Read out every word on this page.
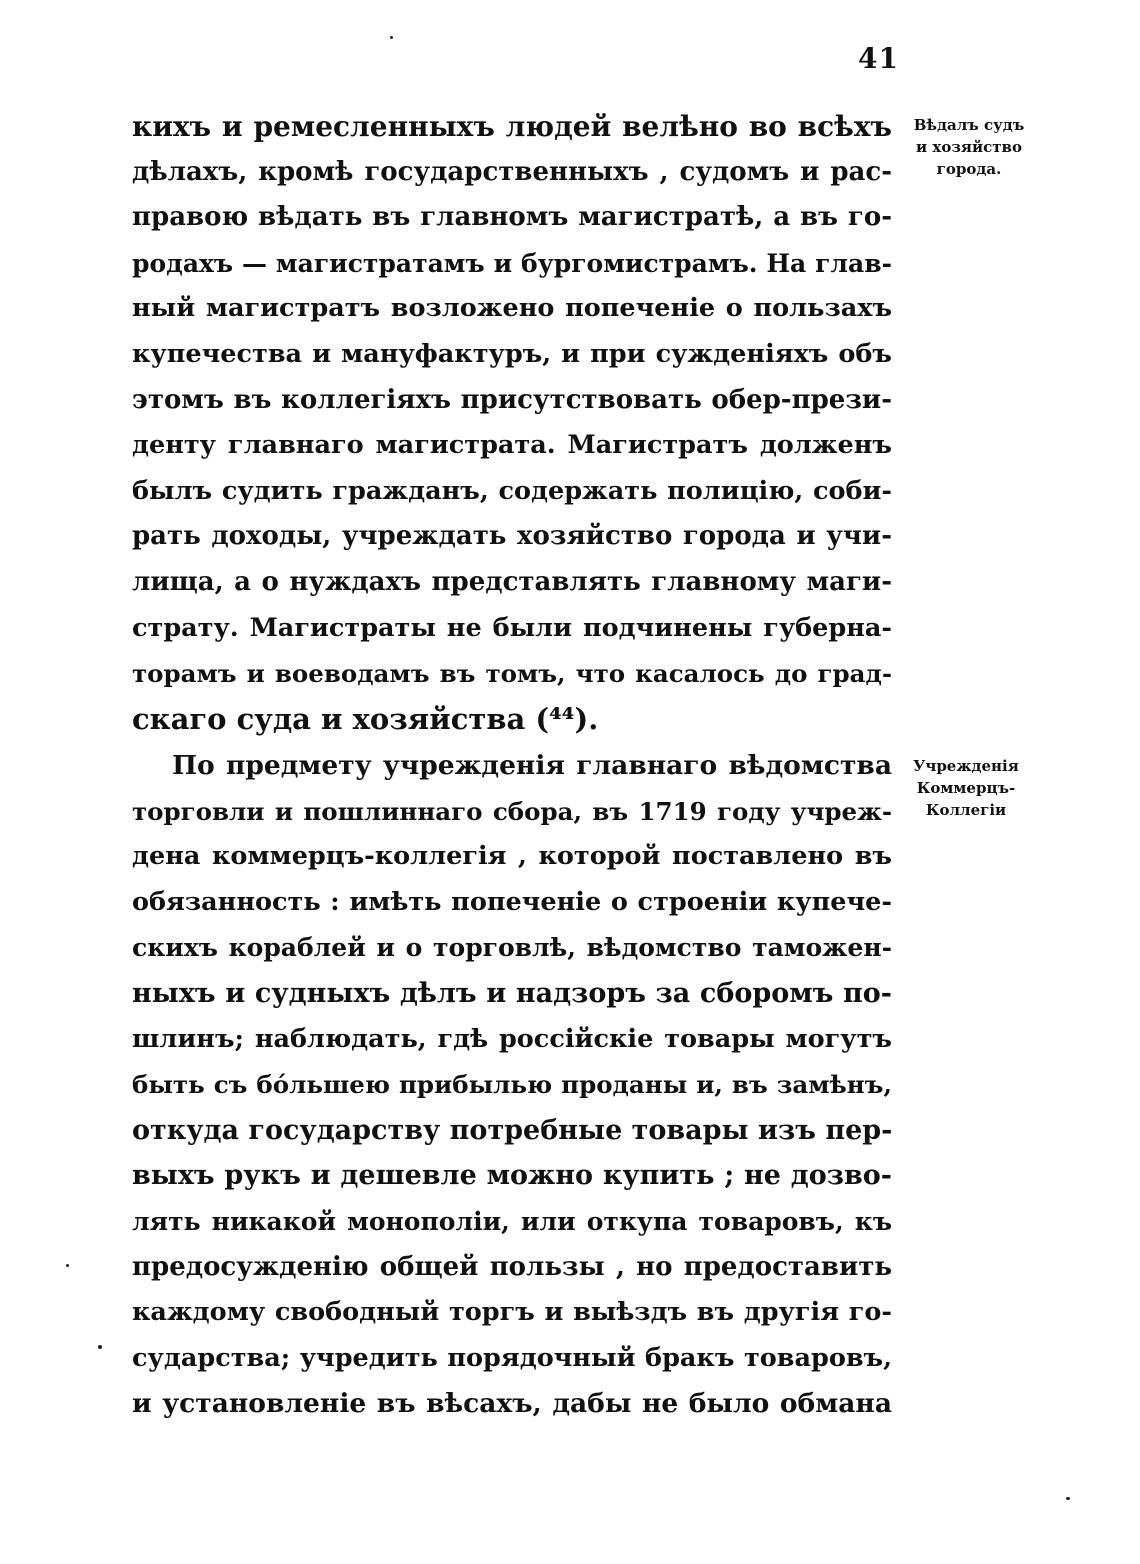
41
кихъ и ремесленныхъ людей велѣно во всѣхъ
дѣлахъ, кромѣ государственныхъ , судомъ и рас-
правою вѣдать въ главномъ магистратѣ, а въ го-
родахъ — магистратамъ и бургомистрамъ. На глав-
ный магистратъ возложено попеченіе о пользахъ
купечества и мануфактуръ, и при сужденіяхъ объ
этомъ въ коллегіяхъ присутствовать обер-прези-
денту главнаго магистрата. Магистратъ долженъ
былъ судить гражданъ, содержать полицію, соби-
рать доходы, учреждать хозяйство города и учи-
лища, а о нуждахъ представлять главному маги-
страту. Магистраты не были подчинены губерна-
торамъ и воеводамъ въ томъ, что касалось до град-
скаго суда и хозяйства (⁴⁴).
Вѣдалъ судъ
и хозяйство
города.
По предмету учрежденія главнаго вѣдомства
торговли и пошлиннаго сбора, въ 1719 году учреж-
дена коммерцъ-коллегія , которой поставлено въ
обязанность : имѣть попеченіе о строеніи купече-
скихъ кораблей и о торговлѣ, вѣдомство таможен-
ныхъ и судныхъ дѣлъ и надзоръ за сборомъ по-
шлинъ; наблюдать, гдѣ россійскіе товары могутъ
быть съ бóльшею прибылью проданы и, въ замѣнъ,
откуда государству потребные товары изъ пер-
выхъ рукъ и дешевле можно купить ; не дозво-
лять никакой монополіи, или откупа товаровъ, къ
предосужденію общей пользы , но предоставить
каждому свободный торгъ и выѣздъ въ другія го-
сударства; учредить порядочный бракъ товаровъ,
и установленіе въ вѣсахъ, дабы не было обмана
Учрежденія
Коммерцъ-
Коллегіи
